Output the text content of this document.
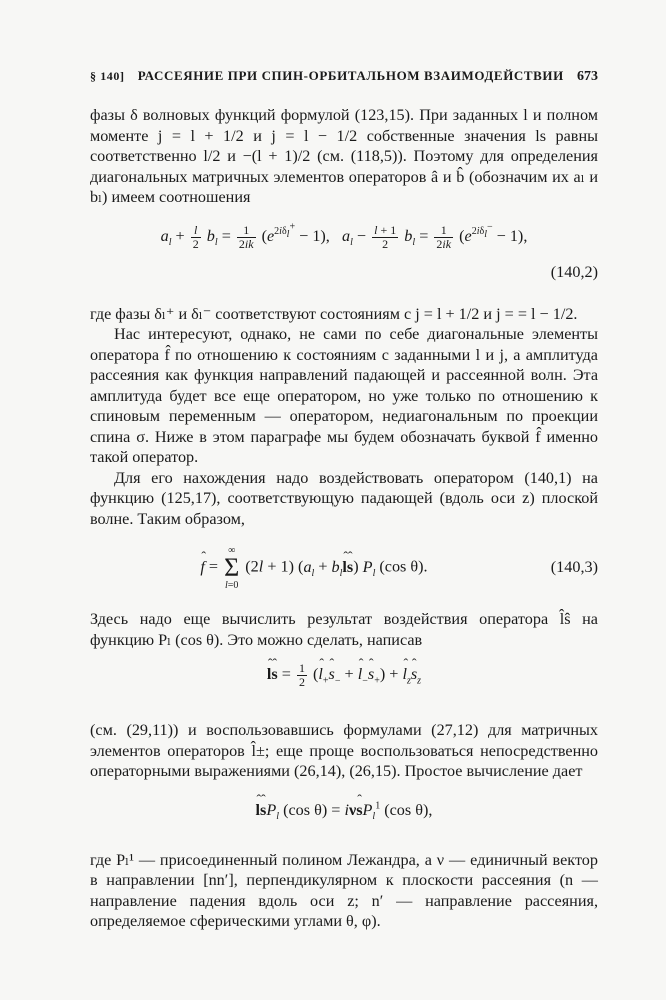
§ 140] РАССЕЯНИЕ ПРИ СПИН-ОРБИТАЛЬНОМ ВЗАИМОДЕЙСТВИИ 673

фазы δ волновых функций формулой (123,15). При заданных l и полном моменте j = l + 1/2 и j = l − 1/2 собственные значения ls равны соответственно l/2 и −(l + 1)/2 (см. (118,5)). Поэтому для определения диагональных матричных элементов операторов â и b̂ (обозначим их aₗ и bₗ) имеем соотношения

$a_l + \frac{l}{2} b_l = \frac{1}{2ik} (e^{2i\delta_l^+} - 1)$,   $a_l - \frac{l + 1}{2} b_l = \frac{1}{2ik} (e^{2i\delta_l^-} - 1)$,
(140,2)

где фазы δₗ⁺ и δₗ⁻ соответствуют состояниям с j = l + 1/2 и j = = l − 1/2.

Нас интересуют, однако, не сами по себе диагональные элементы оператора f̂ по отношению к состояниям с заданными l и j, а амплитуда рассеяния как функция направлений падающей и рассеянной волн. Эта амплитуда будет все еще оператором, но уже только по отношению к спиновым переменным — оператором, недиагональным по проекции спина σ. Ниже в этом параграфе мы будем обозначать буквой f̂ именно такой оператор.

Для его нахождения надо воздействовать оператором (140,1) на функцию (125,17), соответствующую падающей (вдоль оси z) плоской волне. Таким образом,

ˆ f =
∞
Σ
l=0
(2l + 1) ($a_l$ + $b_lˆ$ lˆ s) $P_l$ (cos θ).	(140,3)

Здесь надо еще вычислить результат воздействия оператора l̂ŝ на функцию Pₗ (cos θ). Это можно сделать, написав

ˆ lˆ $s = \frac{1}{2}$ (ˆ $l_+ˆ$ $s_-$ + ˆ $l_-ˆ$ $s_+$) + ˆ $l_zˆ$ $s_z$

(см. (29,11)) и воспользовавшись формулами (27,12) для матричных элементов операторов l̂±; еще проще воспользоваться непосредственно операторными выражениями (26,14), (26,15). Простое вычисление дает

ˆ lˆ $sP_l$ (cos θ) = iνˆ $sP_l^1$ (cos θ),

где Pₗ¹ — присоединенный полином Лежандра, а ν — единичный вектор в направлении [nn′], перпендикулярном к плоскости рассеяния (n — направление падения вдоль оси z; n′ — направление рассеяния, определяемое сферическими углами θ, φ).
